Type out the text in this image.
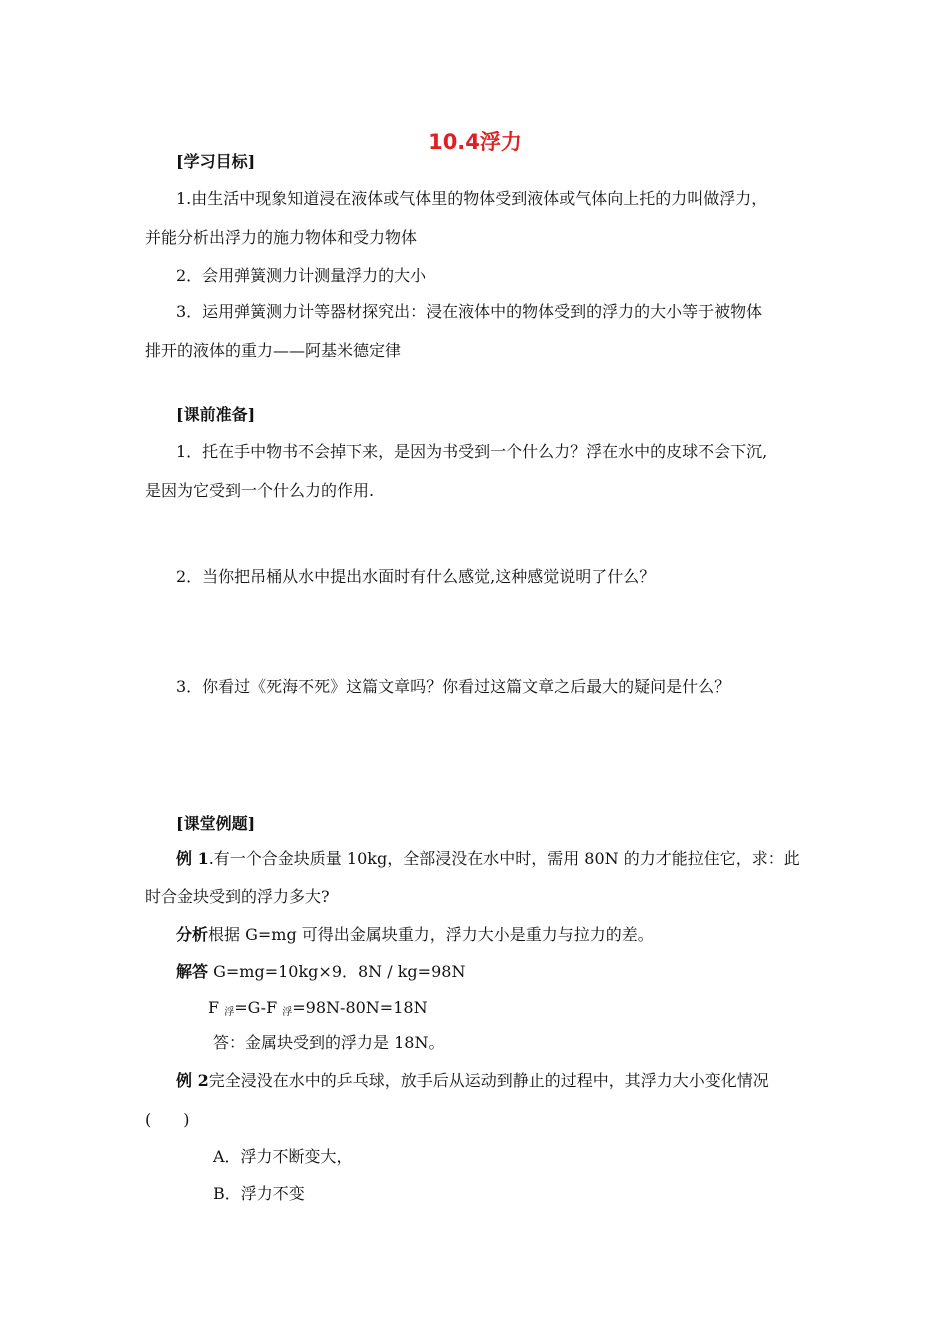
10.4浮力
[学习目标]
1.由生活中现象知道浸在液体或气体里的物体受到液体或气体向上托的力叫做浮力，
并能分析出浮力的施力物体和受力物体
2．会用弹簧测力计测量浮力的大小
3．运用弹簧测力计等器材探究出：浸在液体中的物体受到的浮力的大小等于被物体
排开的液体的重力——阿基米德定律
[课前准备]
1．托在手中物书不会掉下来，是因为书受到一个什么力？浮在水中的皮球不会下沉,
是因为它受到一个什么力的作用.
2．当你把吊桶从水中提出水面时有什么感觉,这种感觉说明了什么？
3．你看过《死海不死》这篇文章吗？你看过这篇文章之后最大的疑问是什么？
[课堂例题]
例 1.有一个合金块质量 10kg，全部浸没在水中时，需用 80N 的力才能拉住它，求：此
时合金块受到的浮力多大?
分析根据 G=mg 可得出金属块重力，浮力大小是重力与拉力的差。
解答 G=mg=10kg×9．8N / kg=98N
F $_浮$=G-F $_浮$=98N-80N=18N
答：金属块受到的浮力是 18N。
例 2完全浸没在水中的乒乓球，放手后从运动到静止的过程中，其浮力大小变化情况
(　　)
A．浮力不断变大，
B．浮力不变
